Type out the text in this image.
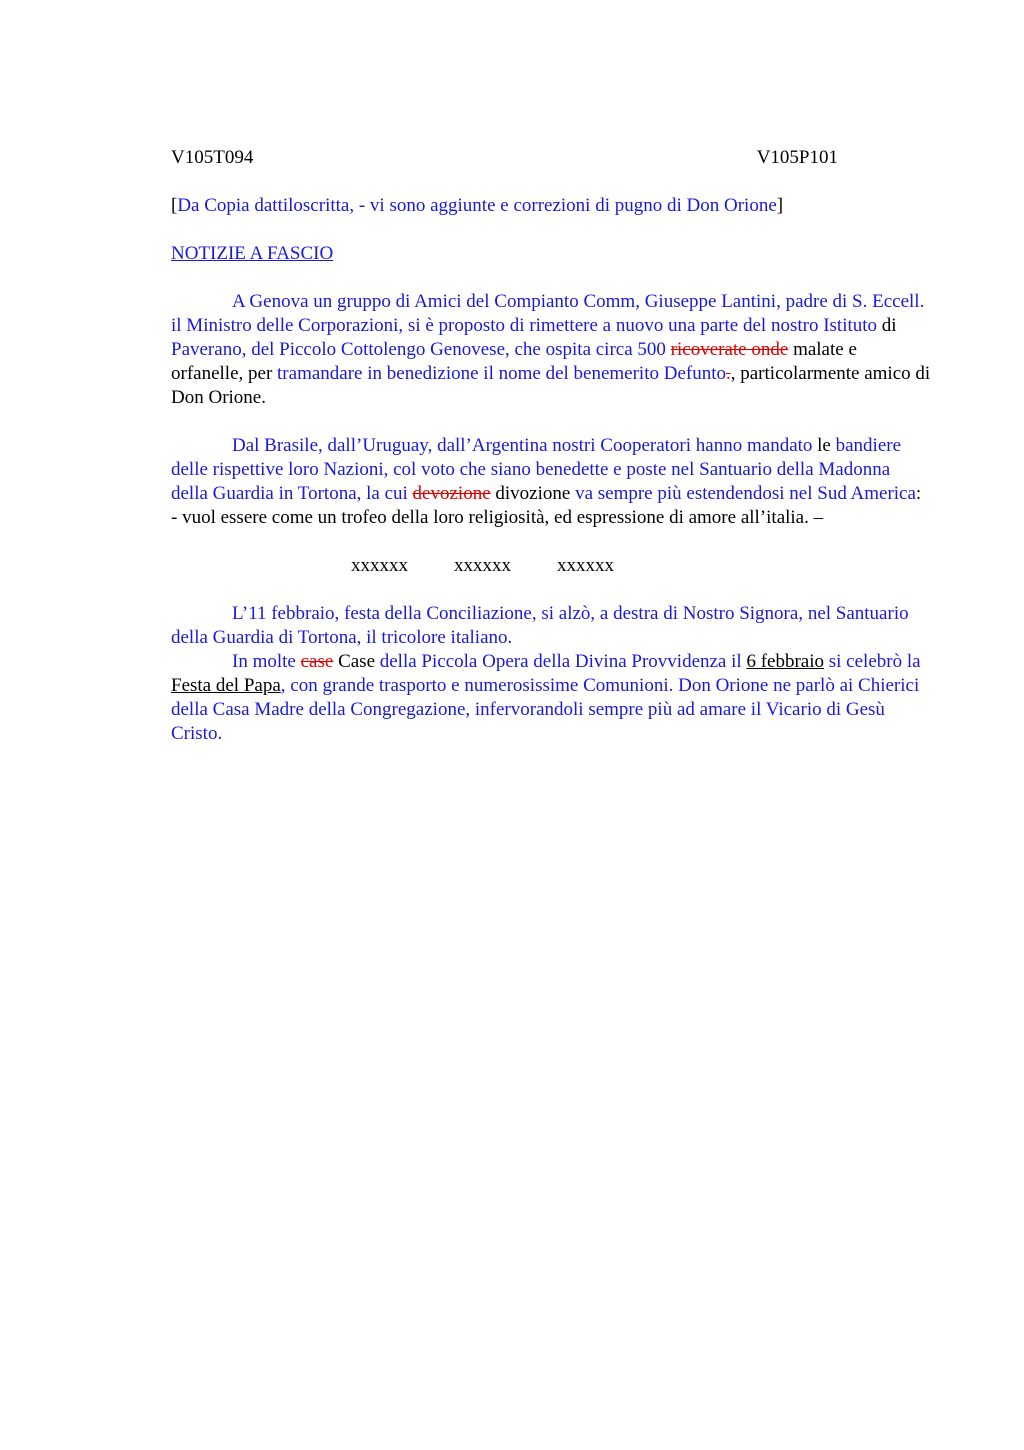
V105T094	V105P101

[Da Copia dattiloscritta, - vi sono aggiunte e correzioni di pugno di Don Orione]

NOTIZIE A FASCIO

A Genova un gruppo di Amici del Compianto Comm, Giuseppe Lantini, padre di S. Eccell. il Ministro delle Corporazioni, si è proposto di rimettere a nuovo una parte del nostro Istituto di Paverano, del Piccolo Cottolengo Genovese, che ospita circa 500 ricoverate onde malate e orfanelle, per tramandare in benedizione il nome del benemerito Defunto., particolarmente amico di Don Orione.

Dal Brasile, dall’Uruguay, dall’Argentina nostri Cooperatori hanno mandato le bandiere delle rispettive loro Nazioni, col voto che siano benedette e poste nel Santuario della Madonna della Guardia in Tortona, la cui devozione divozione va sempre più estendendosi nel Sud America: - vuol essere come un trofeo della loro religiosità, ed espressione di amore all’italia. –

xxxxxx xxxxxx xxxxxx

L’11 febbraio, festa della Conciliazione, si alzò, a destra di Nostro Signora, nel Santuario della Guardia di Tortona, il tricolore italiano.

In molte case Case della Piccola Opera della Divina Provvidenza il 6 febbraio si celebrò la Festa del Papa, con grande trasporto e numerosissime Comunioni. Don Orione ne parlò ai Chierici della Casa Madre della Congregazione, infervorandoli sempre più ad amare il Vicario di Gesù Cristo.
